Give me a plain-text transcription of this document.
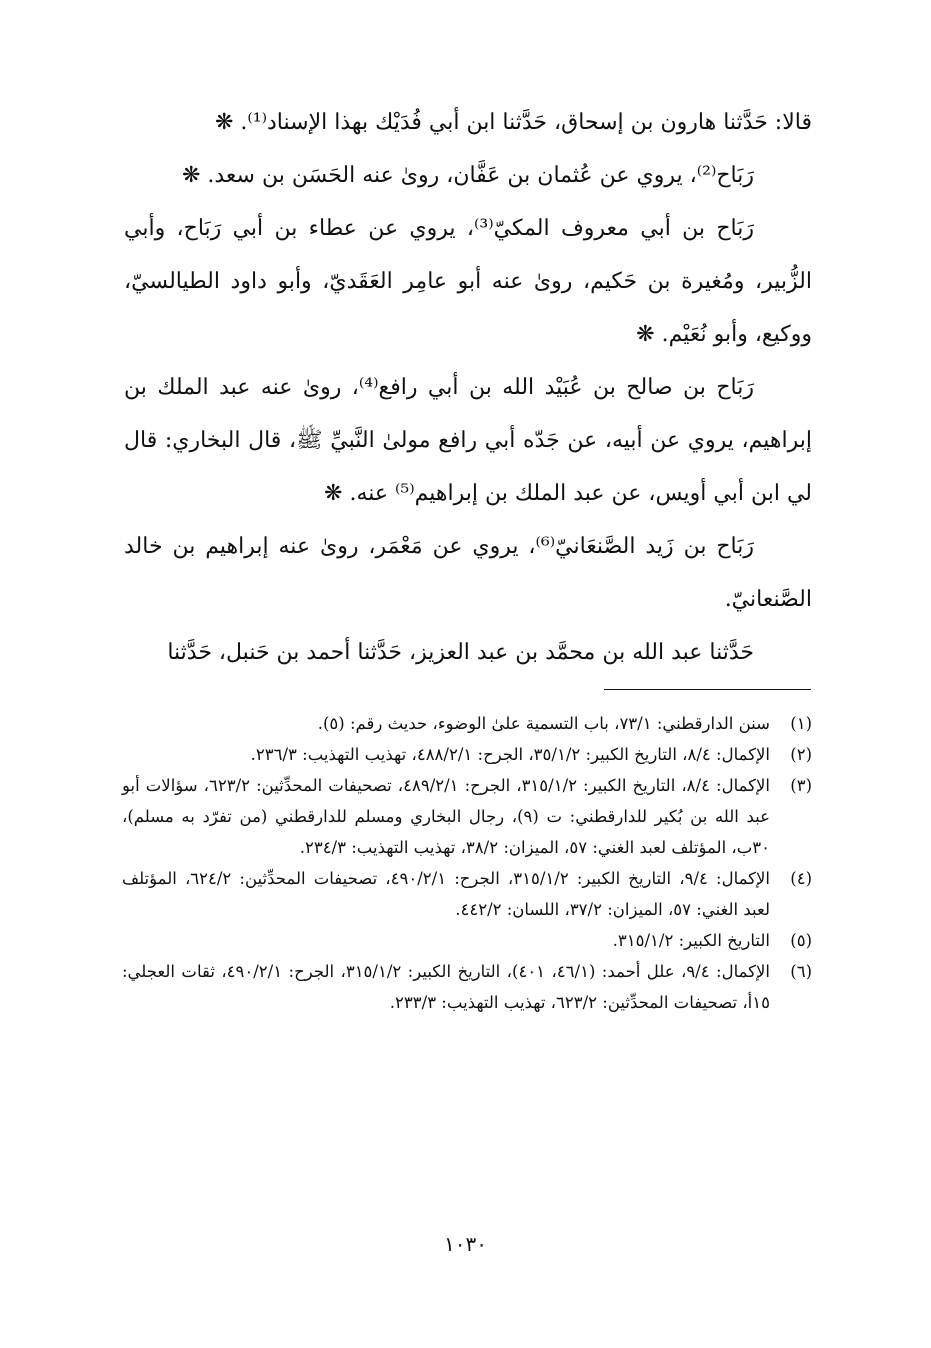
قالا: حَدَّثنا هارون بن إسحاق، حَدَّثنا ابن أبي فُدَيْك بهذا الإسناد⁽¹⁾. ❋

رَبَاح⁽²⁾، يروي عن عُثمان بن عَفَّان، روىٰ عنه الحَسَن بن سعد. ❋

رَبَاح بن أبي معروف المكيّ⁽³⁾، يروي عن عطاء بن أبي رَبَاح، وأبي الزُّبير، ومُغيرة بن حَكيم، روىٰ عنه أبو عامِر العَقَديّ، وأبو داود الطيالسيّ، ووكيع، وأبو نُعَيْم. ❋

رَبَاح بن صالح بن عُبَيْد الله بن أبي رافع⁽⁴⁾، روىٰ عنه عبد الملك بن إبراهيم، يروي عن أبيه، عن جَدّه أبي رافع مولىٰ النَّبيِّ ﷺ، قال البخاري: قال لي ابن أبي أويس، عن عبد الملك بن إبراهيم⁽⁵⁾ عنه. ❋

رَبَاح بن زَيد الصَّنعَانيّ⁽⁶⁾، يروي عن مَعْمَر، روىٰ عنه إبراهيم بن خالد الصَّنعانيّ.

حَدَّثنا عبد الله بن محمَّد بن عبد العزيز، حَدَّثنا أحمد بن حَنبل، حَدَّثنا

(١)
سنن الدارقطني: ٧٣/١، باب التسمية علىٰ الوضوء، حديث رقم: (٥).
(٢)
الإكمال: ٨/٤، التاريخ الكبير: ٣٥/١/٢، الجرح: ٤٨٨/٢/١، تهذيب التهذيب: ٢٣٦/٣.
(٣)
الإكمال: ٨/٤، التاريخ الكبير: ٣١٥/١/٢، الجرح: ٤٨٩/٢/١، تصحيفات المحدِّثين: ٦٢٣/٢، سؤالات أبو عبد الله بن بُكير للدارقطني: ت (٩)، رجال البخاري ومسلم للدارقطني (من تفرّد به مسلم)، ٣٠ب، المؤتلف لعبد الغني: ٥٧، الميزان: ٣٨/٢، تهذيب التهذيب: ٢٣٤/٣.
(٤)
الإكمال: ٩/٤، التاريخ الكبير: ٣١٥/١/٢، الجرح: ٤٩٠/٢/١، تصحيفات المحدِّثين: ٦٢٤/٢، المؤتلف لعبد الغني: ٥٧، الميزان: ٣٧/٢، اللسان: ٤٤٢/٢.
(٥)
التاريخ الكبير: ٣١٥/١/٢.
(٦)
الإكمال: ٩/٤، علل أحمد: (٤٦/١، ٤٠١)، التاريخ الكبير: ٣١٥/١/٢، الجرح: ٤٩٠/٢/١، ثقات العجلي: ١٥أ، تصحيفات المحدِّثين: ٦٢٣/٢، تهذيب التهذيب: ٢٣٣/٣.
١٠٣٠
